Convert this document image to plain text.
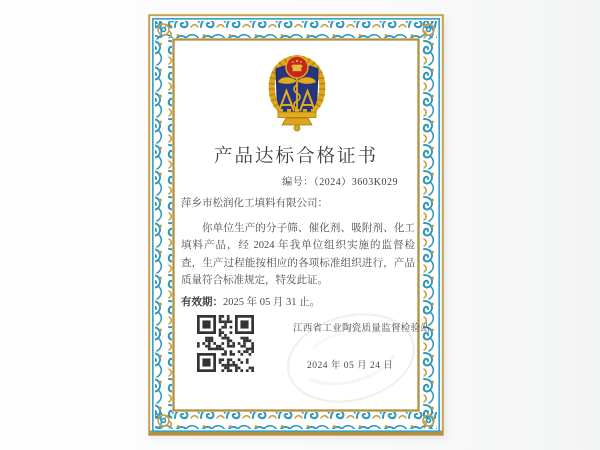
产品达标合格证书
编号：（2024）3603K029
萍乡市松润化工填料有限公司：
你单位生产的分子筛、催化剂、吸附剂、化工填料产品，经 2024 年我单位组织实施的监督检查，生产过程能按相应的各项标准组织进行，产品质量符合标准规定，特发此证。
有效期：2025 年 05 月 31 止。
江西省工业陶瓷质量监督检验站
2024 年 05 月 24 日
